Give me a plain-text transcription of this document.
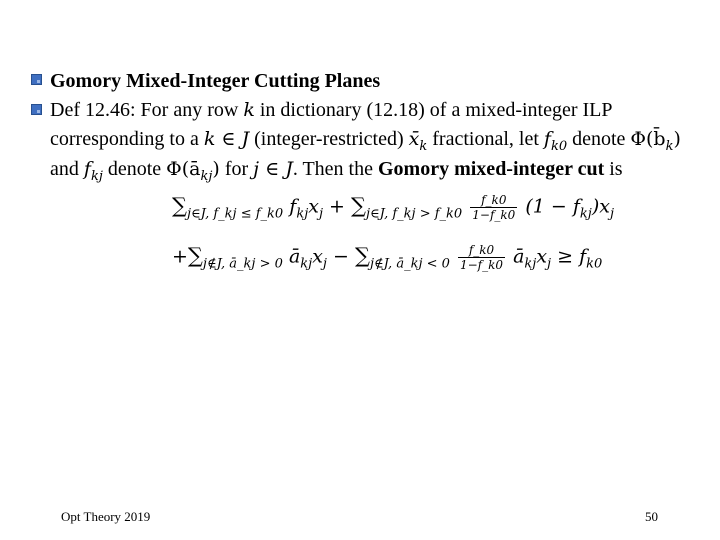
Gomory Mixed-Integer Cutting Planes
Def 12.46: For any row k in dictionary (12.18) of a mixed-integer ILP
corresponding to a k ∈ J (integer-restricted) $x̄_k$ fractional, let $f_{k0}$ denote $\Phi(b̄_k)$
and $f_{kj}$ denote $\Phi(ā_{kj})$ for j ∈ J. Then the Gomory mixed-integer cut is
$\sum_{j\in J, f\_kj \le f\_k0}$ $f_{kj}x_j + \sum_{j\in J, f\_kj > f\_k0} \frac{f\_k0}{1-f\_k0} (1 - f_{kj})x_j$
$+\sum_{j\notin J, ā\_kj > 0}$ $ā_{kj}x_j - \sum_{j\notin J, ā\_kj < 0} \frac{f\_k0}{1-f\_k0}$ $ā_{kj}x_j \ge f_{k0}$
Opt Theory 2019	50
